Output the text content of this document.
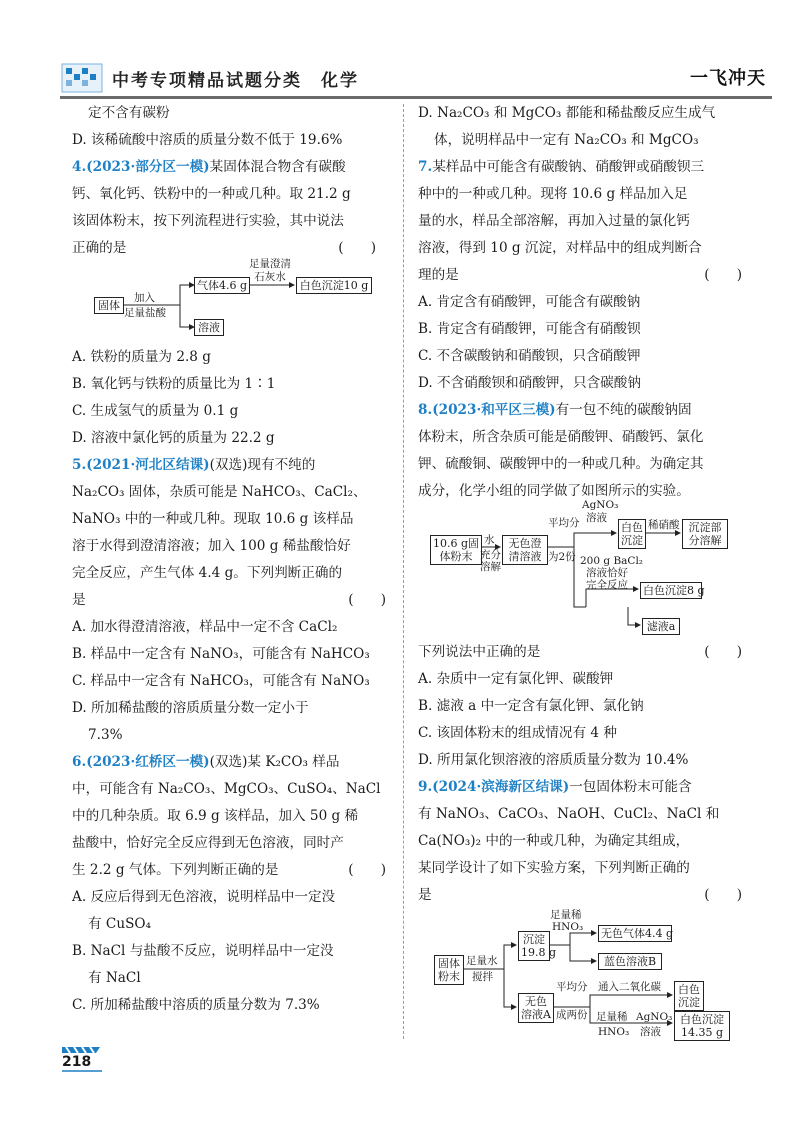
中考专项精品试题分类　化学	一飞冲天
定不含有碳粉
D. 该稀硫酸中溶质的质量分数不低于 19.6%
4.(2023·部分区一模)某固体混合物含有碳酸
钙、氧化钙、铁粉中的一种或几种。取 21.2 g
该固体粉末，按下列流程进行实验，其中说法
正确的是	(　　)
固体
加入
足量盐酸
气体4.6 g
足量澄清
石灰水
白色沉淀10 g
溶液
A. 铁粉的质量为 2.8 g
B. 氧化钙与铁粉的质量比为 1∶1
C. 生成氢气的质量为 0.1 g
D. 溶液中氯化钙的质量为 22.2 g
5.(2021·河北区结课)(双选)现有不纯的
Na₂CO₃ 固体，杂质可能是 NaHCO₃、CaCl₂、
NaNO₃ 中的一种或几种。现取 10.6 g 该样品
溶于水得到澄清溶液；加入 100 g 稀盐酸恰好
完全反应，产生气体 4.4 g。下列判断正确的
是	(　　)
A. 加水得澄清溶液，样品中一定不含 CaCl₂
B. 样品中一定含有 NaNO₃，可能含有 NaHCO₃
C. 样品中一定含有 NaHCO₃，可能含有 NaNO₃
D. 所加稀盐酸的溶质质量分数一定小于
7.3%
6.(2023·红桥区一模)(双选)某 K₂CO₃ 样品
中，可能含有 Na₂CO₃、MgCO₃、CuSO₄、NaCl
中的几种杂质。取 6.9 g 该样品，加入 50 g 稀
盐酸中，恰好完全反应得到无色溶液，同时产
生 2.2 g 气体。下列判断正确的是	(　　)
A. 反应后得到无色溶液，说明样品中一定没
有 CuSO₄
B. NaCl 与盐酸不反应，说明样品中一定没
有 NaCl
C. 所加稀盐酸中溶质的质量分数为 7.3%
D. Na₂CO₃ 和 MgCO₃ 都能和稀盐酸反应生成气
体，说明样品中一定有 Na₂CO₃ 和 MgCO₃
7.某样品中可能含有碳酸钠、硝酸钾或硝酸钡三
种中的一种或几种。现将 10.6 g 样品加入足
量的水，样品全部溶解，再加入过量的氯化钙
溶液，得到 10 g 沉淀，对样品中的组成判断合
理的是	(　　)
A. 肯定含有硝酸钾，可能含有碳酸钠
B. 肯定含有硝酸钾，可能含有硝酸钡
C. 不含碳酸钠和硝酸钡，只含硝酸钾
D. 不含硝酸钡和硝酸钾，只含碳酸钠
8.(2023·和平区三模)有一包不纯的碳酸钠固
体粉末，所含杂质可能是硝酸钾、硝酸钙、氯化
钾、硫酸铜、碳酸钾中的一种或几种。为确定其
成分，化学小组的同学做了如图所示的实验。
10.6 g固
体粉末
水
充分
溶解
无色澄
清溶液
平均分
为2份
AgNO₃
溶液
白色
沉淀
稀硝酸 沉淀部
分溶解
200 g BaCl₂
溶液恰好
完全反应 白色沉淀8 g
滤液a
下列说法中正确的是	(　　)
A. 杂质中一定有氯化钾、碳酸钾
B. 滤液 a 中一定含有氯化钾、氯化钠
C. 该固体粉末的组成情况有 4 种
D. 所用氯化钡溶液的溶质质量分数为 10.4%
9.(2024·滨海新区结课)一包固体粉末可能含
有 NaNO₃、CaCO₃、NaOH、CuCl₂、NaCl 和
Ca(NO₃)₂ 中的一种或几种，为确定其组成，
某同学设计了如下实验方案，下列判断正确的
是	(　　)
固体
粉末
足量水
搅拌
沉淀
19.8 g
足量稀
HNO₃ 无色气体4.4 g
蓝色溶液B
无色
溶液A
平均分
成两份
通入二氧化碳 白色
沉淀
足量稀
HNO₃
AgNO₃
溶液
白色沉淀
14.35 g
218
